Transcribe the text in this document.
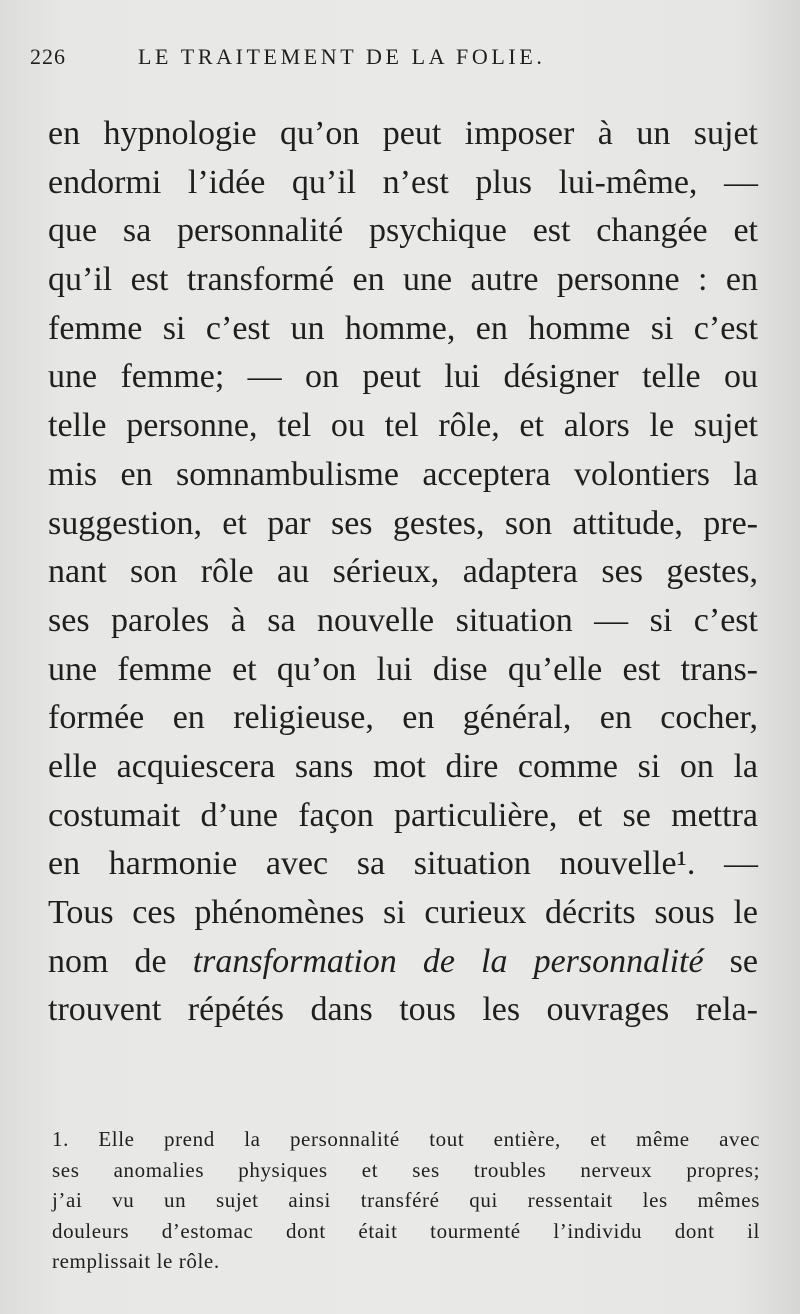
226	LE TRAITEMENT DE LA FOLIE.
en hypnologie qu’on peut imposer à un sujet
endormi l’idée qu’il n’est plus lui-même, —
que sa personnalité psychique est changée et
qu’il est transformé en une autre personne : en
femme si c’est un homme, en homme si c’est
une femme; — on peut lui désigner telle ou
telle personne, tel ou tel rôle, et alors le sujet
mis en somnambulisme acceptera volontiers la
suggestion, et par ses gestes, son attitude, pre-
nant son rôle au sérieux, adaptera ses gestes,
ses paroles à sa nouvelle situation — si c’est
une femme et qu’on lui dise qu’elle est trans-
formée en religieuse, en général, en cocher,
elle acquiescera sans mot dire comme si on la
costumait d’une façon particulière, et se mettra
en harmonie avec sa situation nouvelle¹. —
Tous ces phénomènes si curieux décrits sous le
nom de transformation de la personnalité se
trouvent répétés dans tous les ouvrages rela-
1. Elle prend la personnalité tout entière, et même avec
ses anomalies physiques et ses troubles nerveux propres;
j’ai vu un sujet ainsi transféré qui ressentait les mêmes
douleurs d’estomac dont était tourmenté l’individu dont il
remplissait le rôle.
